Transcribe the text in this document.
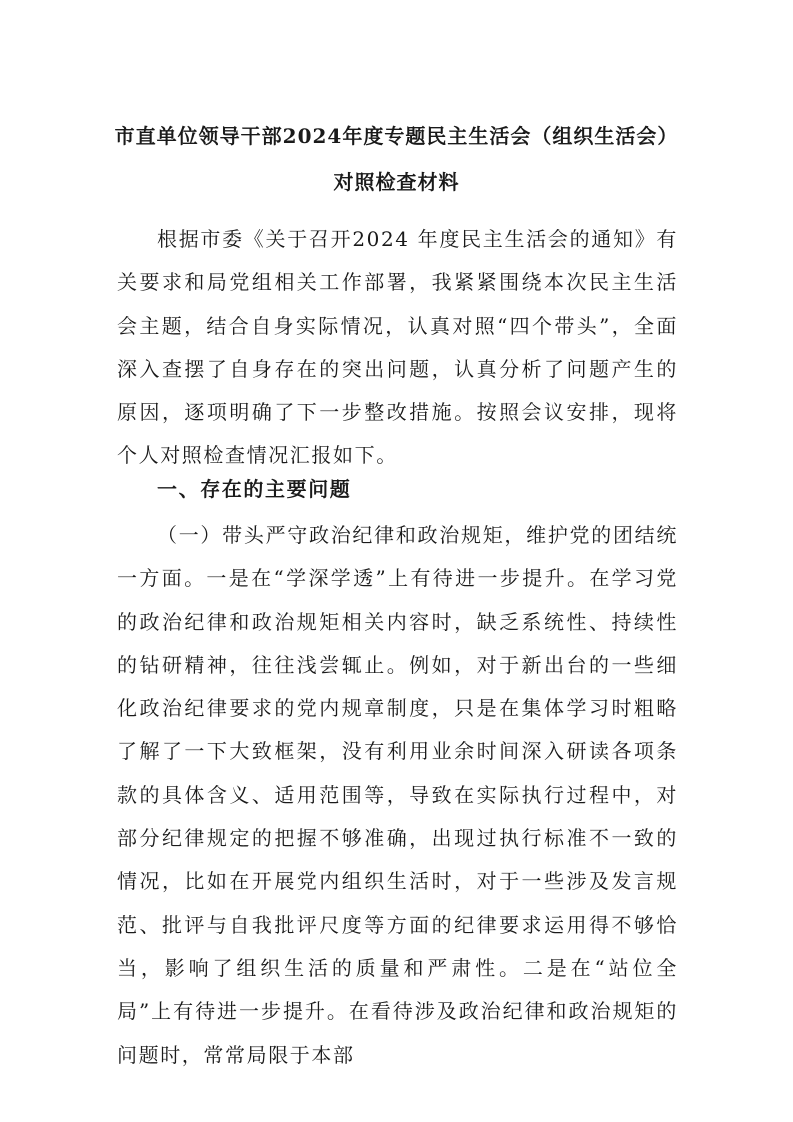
市直单位领导干部2024年度专题民主生活会（组织生活会）
对照检查材料

根据市委《关于召开2024 年度民主生活会的通知》有关要求和局党组相关工作部署，我紧紧围绕本次民主生活会主题，结合自身实际情况，认真对照“四个带头”，全面深入查摆了自身存在的突出问题，认真分析了问题产生的原因，逐项明确了下一步整改措施。按照会议安排，现将个人对照检查情况汇报如下。

一、存在的主要问题

（一）带头严守政治纪律和政治规矩，维护党的团结统一方面。一是在“学深学透”上有待进一步提升。在学习党的政治纪律和政治规矩相关内容时，缺乏系统性、持续性的钻研精神，往往浅尝辄止。例如，对于新出台的一些细化政治纪律要求的党内规章制度，只是在集体学习时粗略了解了一下大致框架，没有利用业余时间深入研读各项条款的具体含义、适用范围等，导致在实际执行过程中，对部分纪律规定的把握不够准确，出现过执行标准不一致的情况，比如在开展党内组织生活时，对于一些涉及发言规范、批评与自我批评尺度等方面的纪律要求运用得不够恰当，影响了组织生活的质量和严肃性。二是在“站位全局”上有待进一步提升。在看待涉及政治纪律和政治规矩的问题时，常常局限于本部
